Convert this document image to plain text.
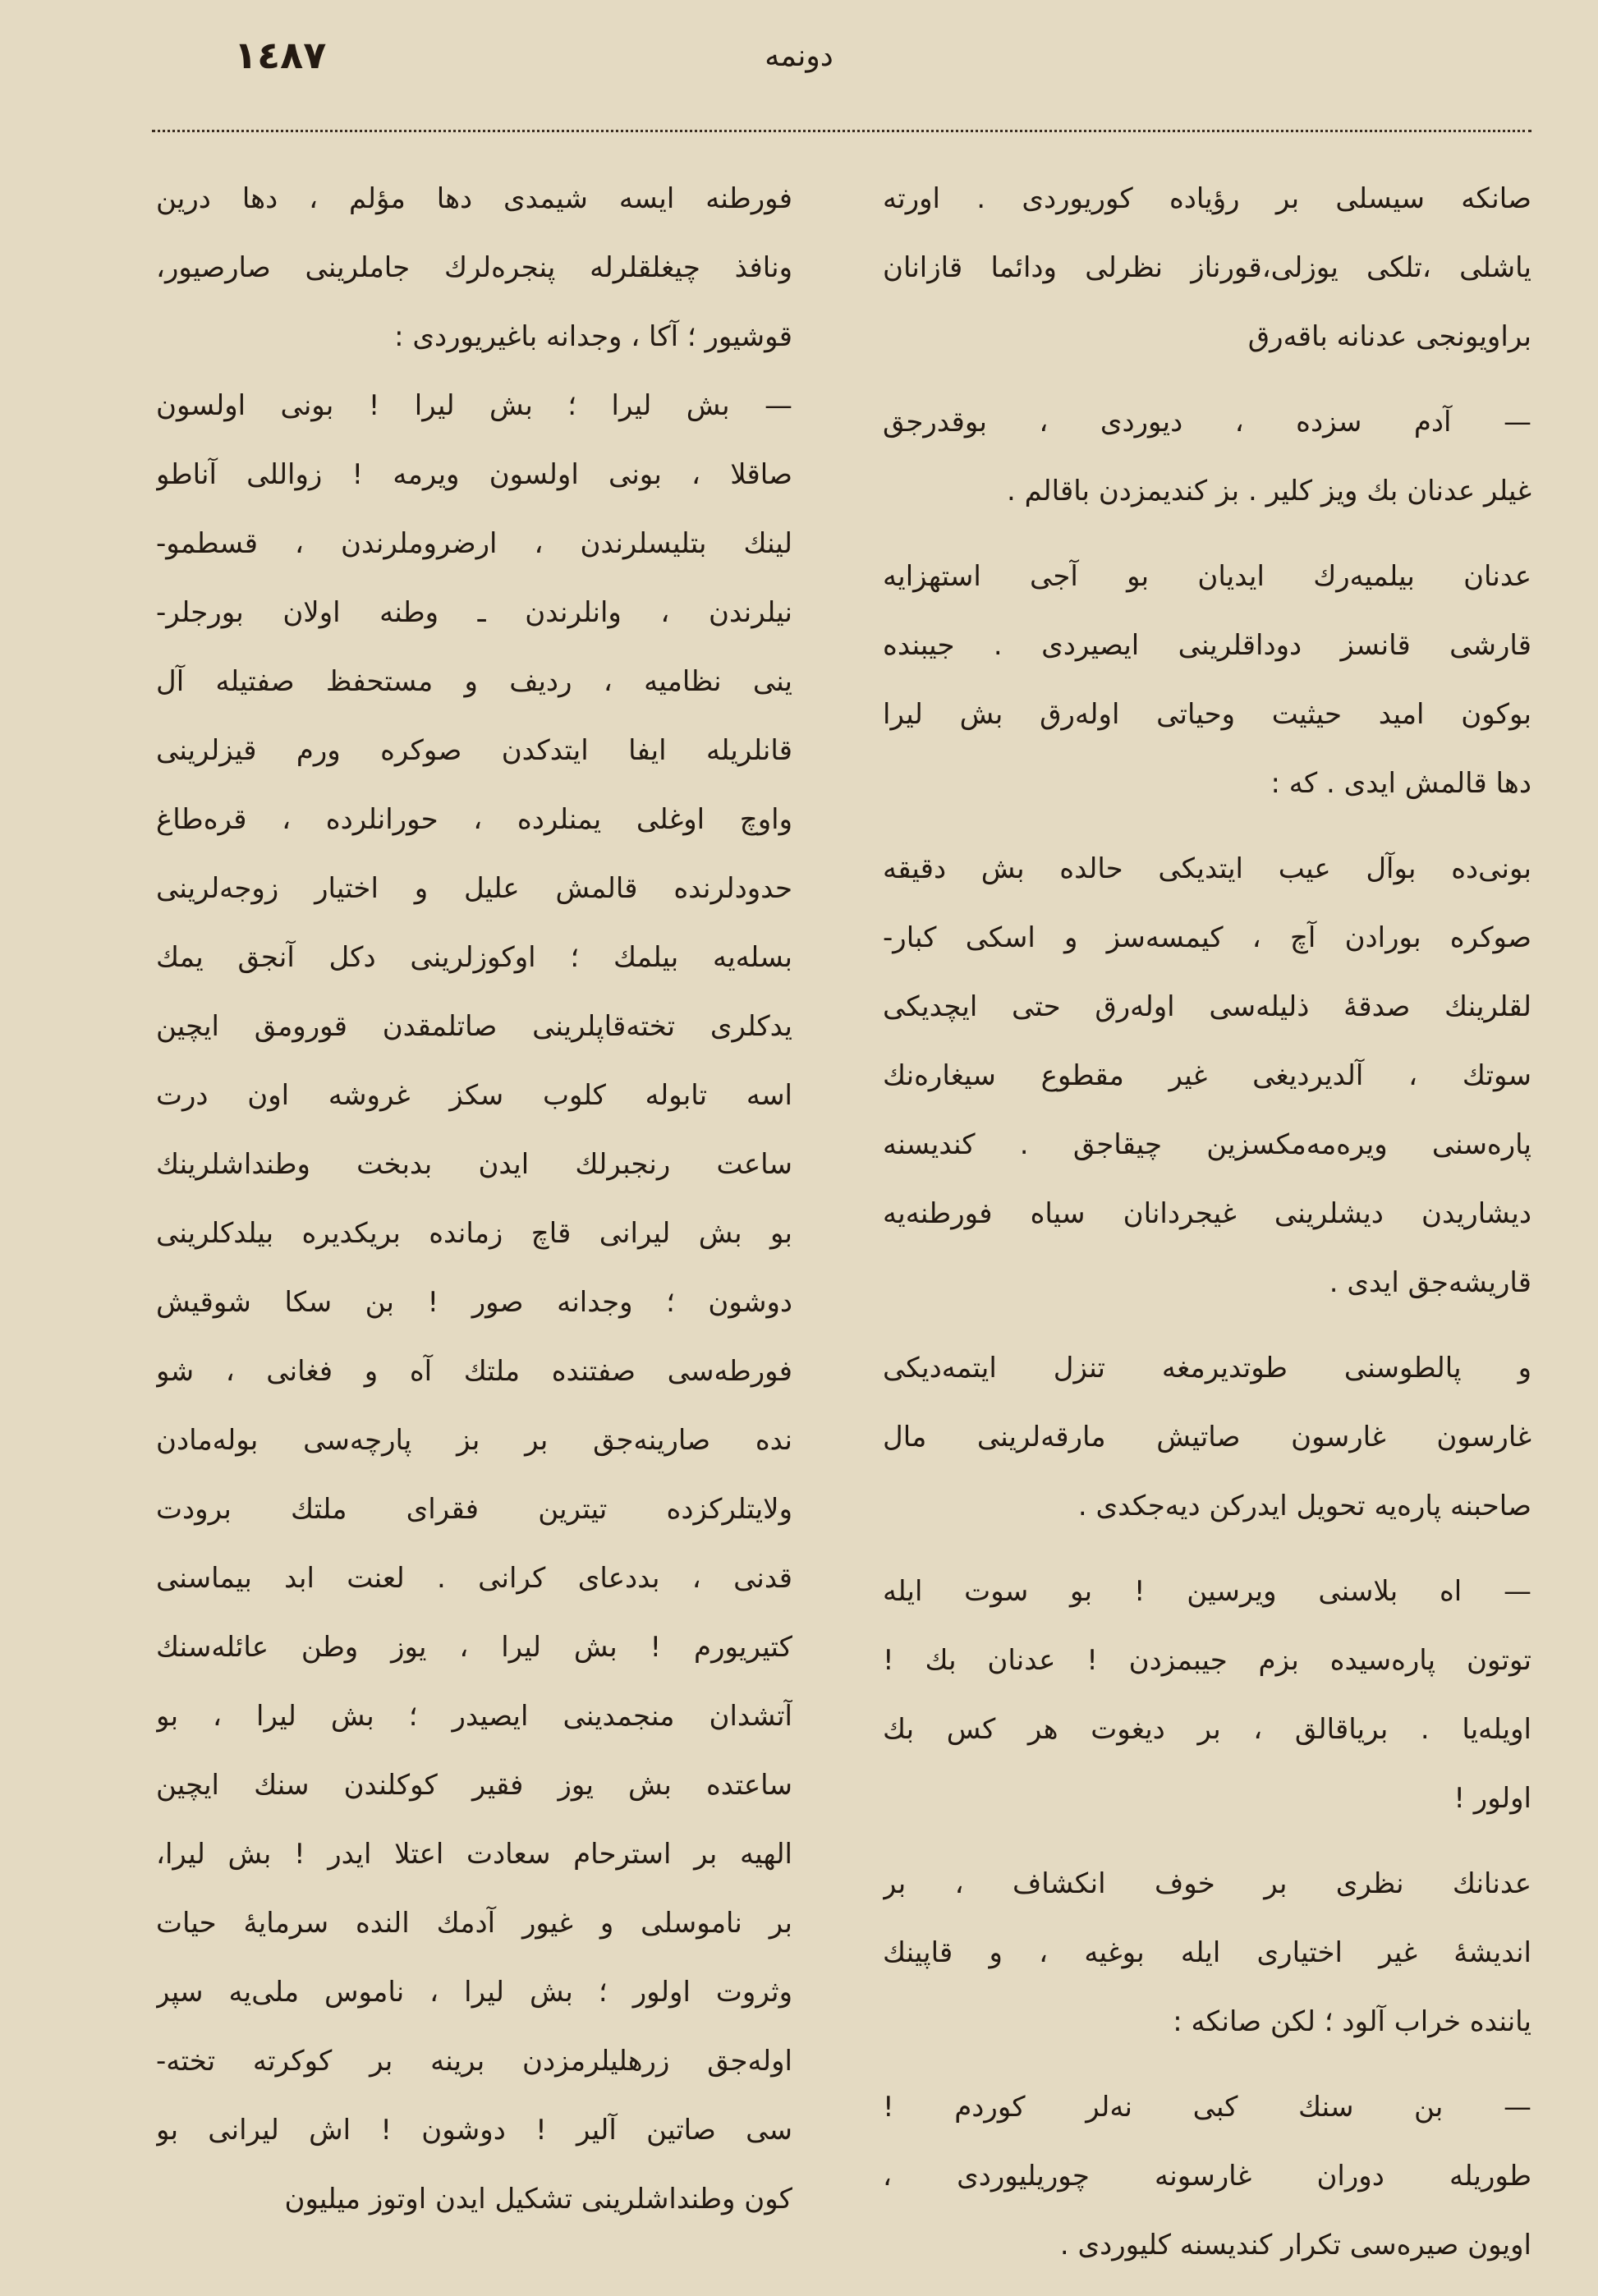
١٤٨٧	دونمه
صانکه سیسلی بر رؤیاده کوریوردی . اورته
یاشلی ،تلکی یوزلی،قورناز نظرلی ودائما قازانان
براویونجی عدنانه باقه‌رق
— آدم سزده ، دیوردی ، بوقدرجق
غیلر عدنان بك ویز کلیر . بز کندیمزدن باقالم .
عدنان بیلمیه‌رك ایدیان بو آجی استهزایه
قارشی قانسز دوداقلرینی ایصیردی . جیبنده
بوکون امید حیثیت وحیاتی اوله‌رق بش لیرا
دها قالمش ایدی . که :
بونی‌ده بوآل عیب ایتدیکی حالده بش دقیقه
صوکره بورادن آچ ، کیمسه‌سز و اسکی کبار-
لقلرینك صدقهٔ ذلیله‌سی اوله‌رق حتی ایچدیکی
سوتك ، آلدیردیغی غیر مقطوع سیغاره‌نك
پاره‌سنی ویره‌مه‌مکسزین چیقاجق . کندیسنه
دیشاریدن دیشلرینی غیجردانان سیاه فورطنه‌یه
قاریشه‌جق ایدی .
و پالطوسنی طوتدیرمغه تنزل ایتمه‌دیکی
غارسون غارسون صاتیش مارقه‌لرینی مال
صاحبنه پاره‌یه تحویل ایدرکن دیه‌جکدی .
— اه بلاسنی ویرسین ! بو سوت ایله
توتون پاره‌سیده بزم جیبمزدن ! عدنان بك !
اویله‌یا . بریاقالق ، بر دیغوت هر کس بك
اولور !
عدنانك نظری بر خوف انکشاف ، بر
اندیشهٔ غیر اختیاری ایله بوغیه ، و قاپینك
یاننده خراب آلود ؛ لکن صانکه :
— بن سنك کبی نه‌لر کوردم !
طوریله دوران غارسونه چوریلیوردی ،
اویون صیره‌سی تکرار کندیسنه کلیوردی .
فورطنه ایسه شیمدی دها مؤلم ، دها درین
ونافذ چیغلقلرله پنجره‌لرك جاملرینی صارصیور،
قوشیور ؛ آکا ، وجدانه باغیریوردی :
— بش لیرا ؛ بش لیرا ! بونی اولسون
صاقلا ، بونی اولسون ویرمه ! زواللی آناطو
لینك بتلیسلرندن ، ارضروملرندن ، قسطمو-
نیلرندن ، وانلرندن ـ وطنه اولان بورجلر-
ینی نظامیه ، ردیف و مستحفظ صفتیله آل
قانلریله ایفا ایتدکدن صوکره ورم قیزلرینی
واوچ اوغلی یمنلرده ، حورانلرده ، قره‌طاغ
حدودلرنده قالمش علیل و اختیار زوجه‌لرینی
بسله‌یه بیلمك ؛ اوکوزلرینی دکل آنجق یمك
یدکلری تخته‌قاپلرینی صاتلمقدن قورومق ایچین
اسه تابوله کلوب سکز غروشه اون درت
ساعت رنجبرلك ایدن بدبخت وطنداشلرینك
بو بش لیرانی قاچ زمانده بریکدیره بیلدکلرینی
دوشون ؛ وجدانه صور ! بن سکا شوقیش
فورطه‌سی صفتنده ملتك آه و فغانی ، شو
نده صارینه‌جق بر بز پارچه‌سی بوله‌مادن
ولایتلرکزده تیترین فقرای ملتك برودت
قدنی ، بددعای کرانی . لعنت ابد بیماسنی
کتیریورم ! بش لیرا ، یوز وطن عائله‌سنك
آتشدان منجمدینی ایصیدر ؛ بش لیرا ، بو
ساعتده بش یوز فقیر کوکلندن سنك ایچین
الهیه بر استرحام سعادت اعتلا ایدر ! بش لیرا،
بر ناموسلی و غیور آدمك النده سرمایهٔ حیات
وثروت اولور ؛ بش لیرا ، ناموس ملی‌یه سپر
اوله‌جق زرهلیلرمزدن برینه بر کوکرته تخته-
سی صاتین آلیر ! دوشون ! اش لیرانی بو
کون وطنداشلرینی تشکیل ایدن اوتوز میلیون
